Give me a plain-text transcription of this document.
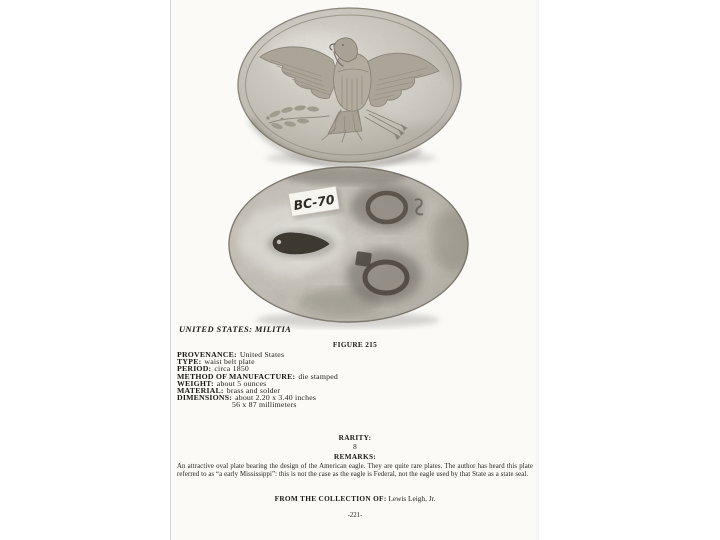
BC-70
UNITED STATES: MILITIA
FIGURE 215
PROVENANCE: United States
TYPE: waist belt plate
PERIOD: circa 1850
METHOD OF MANUFACTURE: die stamped
WEIGHT: about 5 ounces
MATERIAL: brass and solder
DIMENSIONS: about 2.20 x 3.40 inches
56 x 87 millimeters
RARITY:
8
REMARKS:
An attractive oval plate bearing the design of the American eagle. They are quite rare plates. The author has heard this plate referred to as “a early Mississippi”: this is not the case as the eagle is Federal, not the eagle used by that State as a state seal.
FROM THE COLLECTION OF: Lewis Leigh, Jr.
-221-
